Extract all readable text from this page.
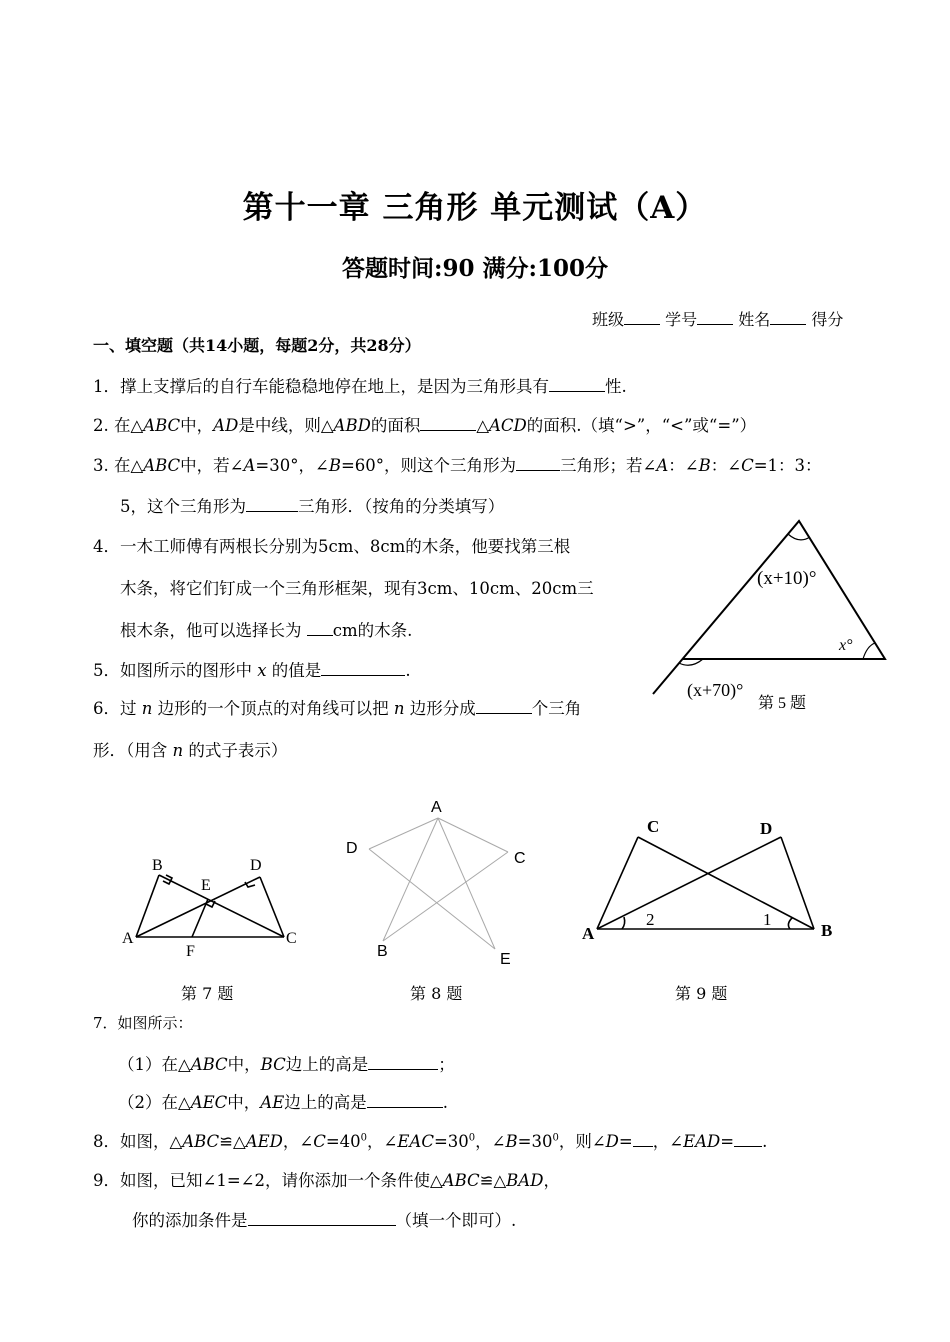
第十一章 三角形 单元测试（A）
答题时间:90 满分:100分
班级	学号	姓名	得分
一、填空题（共14小题，每题2分，共28分）
1．撑上支撑后的自行车能稳稳地停在地上，是因为三角形具有	性.
2. 在△ABC中，AD是中线，则△ABD的面积	△ACD的面积.（填“>”，“<”或“=”）
3. 在△ABC中，若∠A=30°，∠B=60°，则这个三角形为	三角形；若∠A：∠B：∠C=1：3：
5，这个三角形为	三角形．（按角的分类填写）
4．一木工师傅有两根长分别为5cm、8cm的木条，他要找第三根
木条，将它们钉成一个三角形框架，现有3cm、10cm、20cm三
根木条，他可以选择长为 cm的木条.
5．如图所示的图形中 x 的值是	.
6．过 n 边形的一个顶点的对角线可以把 n 边形分成	个三角
形．（用含 n 的式子表示）
(x+10)°
x°
(x+70)°
第 5 题
A
B
E
D
C
F
第 7 题
A
D
C
B	E
第 8 题
A
C	D
B
2	1
第 9 题
7．如图所示：
（1）在△ABC中，BC边上的高是	；
（2）在△AEC中，AE边上的高是	.
8．如图，△ABC≌△AED，$\angle C=40^0$，$\angle EAC=30^0$，$\angle B=30^0$，则∠D= ，∠EAD= .
9．如图，已知∠1=∠2，请你添加一个条件使△ABC≌△BAD，
你的添加条件是	（填一个即可）.
